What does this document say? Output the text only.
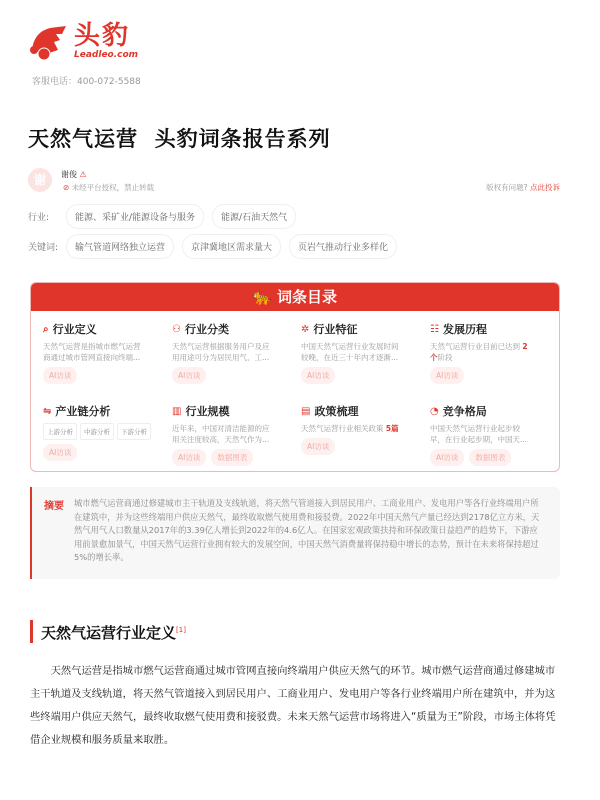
头豹
Leadleo.com
客服电话：400-072-5588
天然气运营  头豹词条报告系列
谢	谢俊 ⚠
⊘ 未经平台授权，禁止转载	版权有问题? 点此投诉
行业:	能源、采矿业/能源设备与服务	能源/石油天然气
关键词:	输气管道网络独立运营	京津冀地区需求量大	页岩气推动行业多样化
🐆 词条目录
⌕ 行业定义
天然气运营是指城市燃气运营商通过城市管网直接向终端...
AI访谈
⚇ 行业分类
天然气运营根据服务用户及应用用途可分为居民用气、工...
AI访谈
✲ 行业特征
中国天然气运营行业发展时间较晚，在近三十年内才逐渐...
AI访谈
☷ 发展历程
天然气运营行业目前已达到 2个阶段
AI访谈
⇋ 产业链分析
上游分析	中游分析	下游分析
AI访谈
▥ 行业规模
近年来，中国对清洁能源的应用关注度较高，天然气作为...
AI访谈	数据图表
▤ 政策梳理
天然气运营行业相关政策 5篇
AI访谈
◔ 竞争格局
中国天然气运营行业起步较早，在行业起步期，中国天...
AI访谈	数据图表
摘要	城市燃气运营商通过修建城市主干轨道及支线轨道，将天然气管道接入到居民用户、工商业用户、发电用户等各行业终端用户所在建筑中，并为这些终端用户供应天然气，最终收取燃气使用费和接驳费。2022年中国天然气产量已经达到2178亿立方米，天然气用气人口数量从2017年的3.39亿人增长到2022年的4.6亿人。在国家宏观政策扶持和环保政策日益趋严的趋势下，下游应用前景愈加景气，中国天然气运营行业拥有较大的发展空间，中国天然气消费量将保持稳中增长的态势，预计在未来将保持超过5%的增长率。
天然气运营行业定义[1]
天然气运营是指城市燃气运营商通过城市管网直接向终端用户供应天然气的环节。城市燃气运营商通过修建城市主干轨道及支线轨道，将天然气管道接入到居民用户、工商业用户、发电用户等各行业终端用户所在建筑中，并为这些终端用户供应天然气，最终收取燃气使用费和接驳费。未来天然气运营市场将进入“质量为王”阶段，市场主体将凭借企业规模和服务质量来取胜。
